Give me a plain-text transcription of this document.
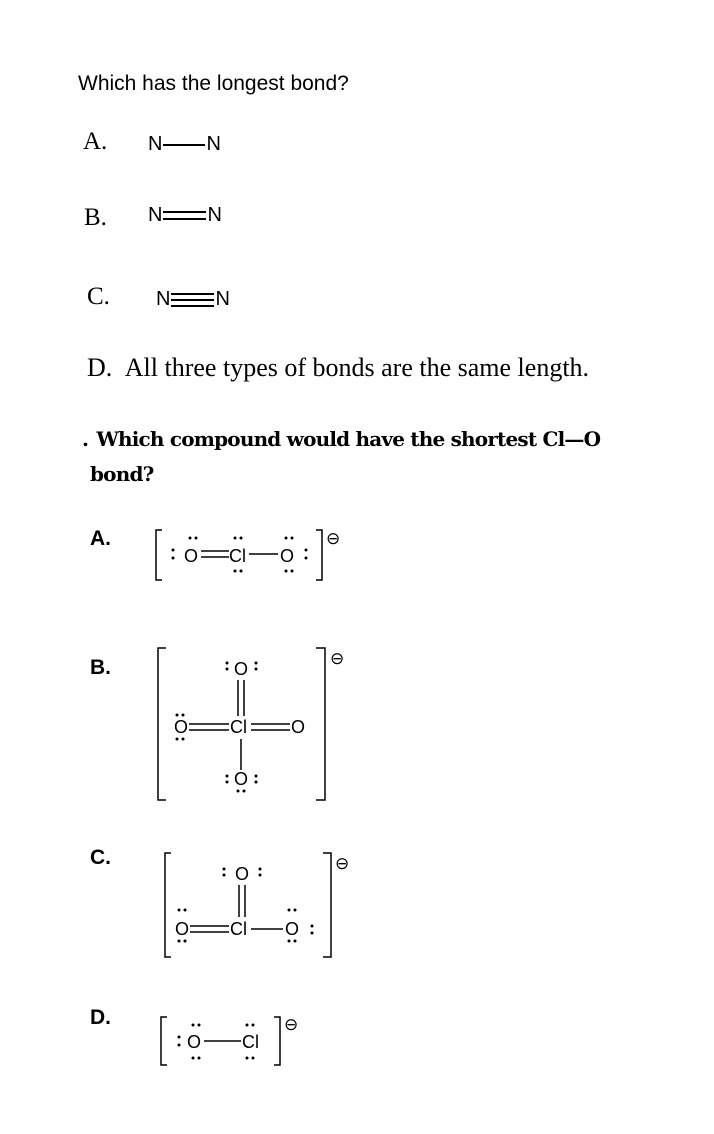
Which has the longest bond?
A. N N
B. N N
C. N N
D. All three types of bonds are the same length.
. Which compound would have the shortest Cl—O
bond?
A.
O Cl O
⊖
B.	O
O Cl O
O
⊖
C.
O
O Cl O
⊖
D.
O Cl
⊖
